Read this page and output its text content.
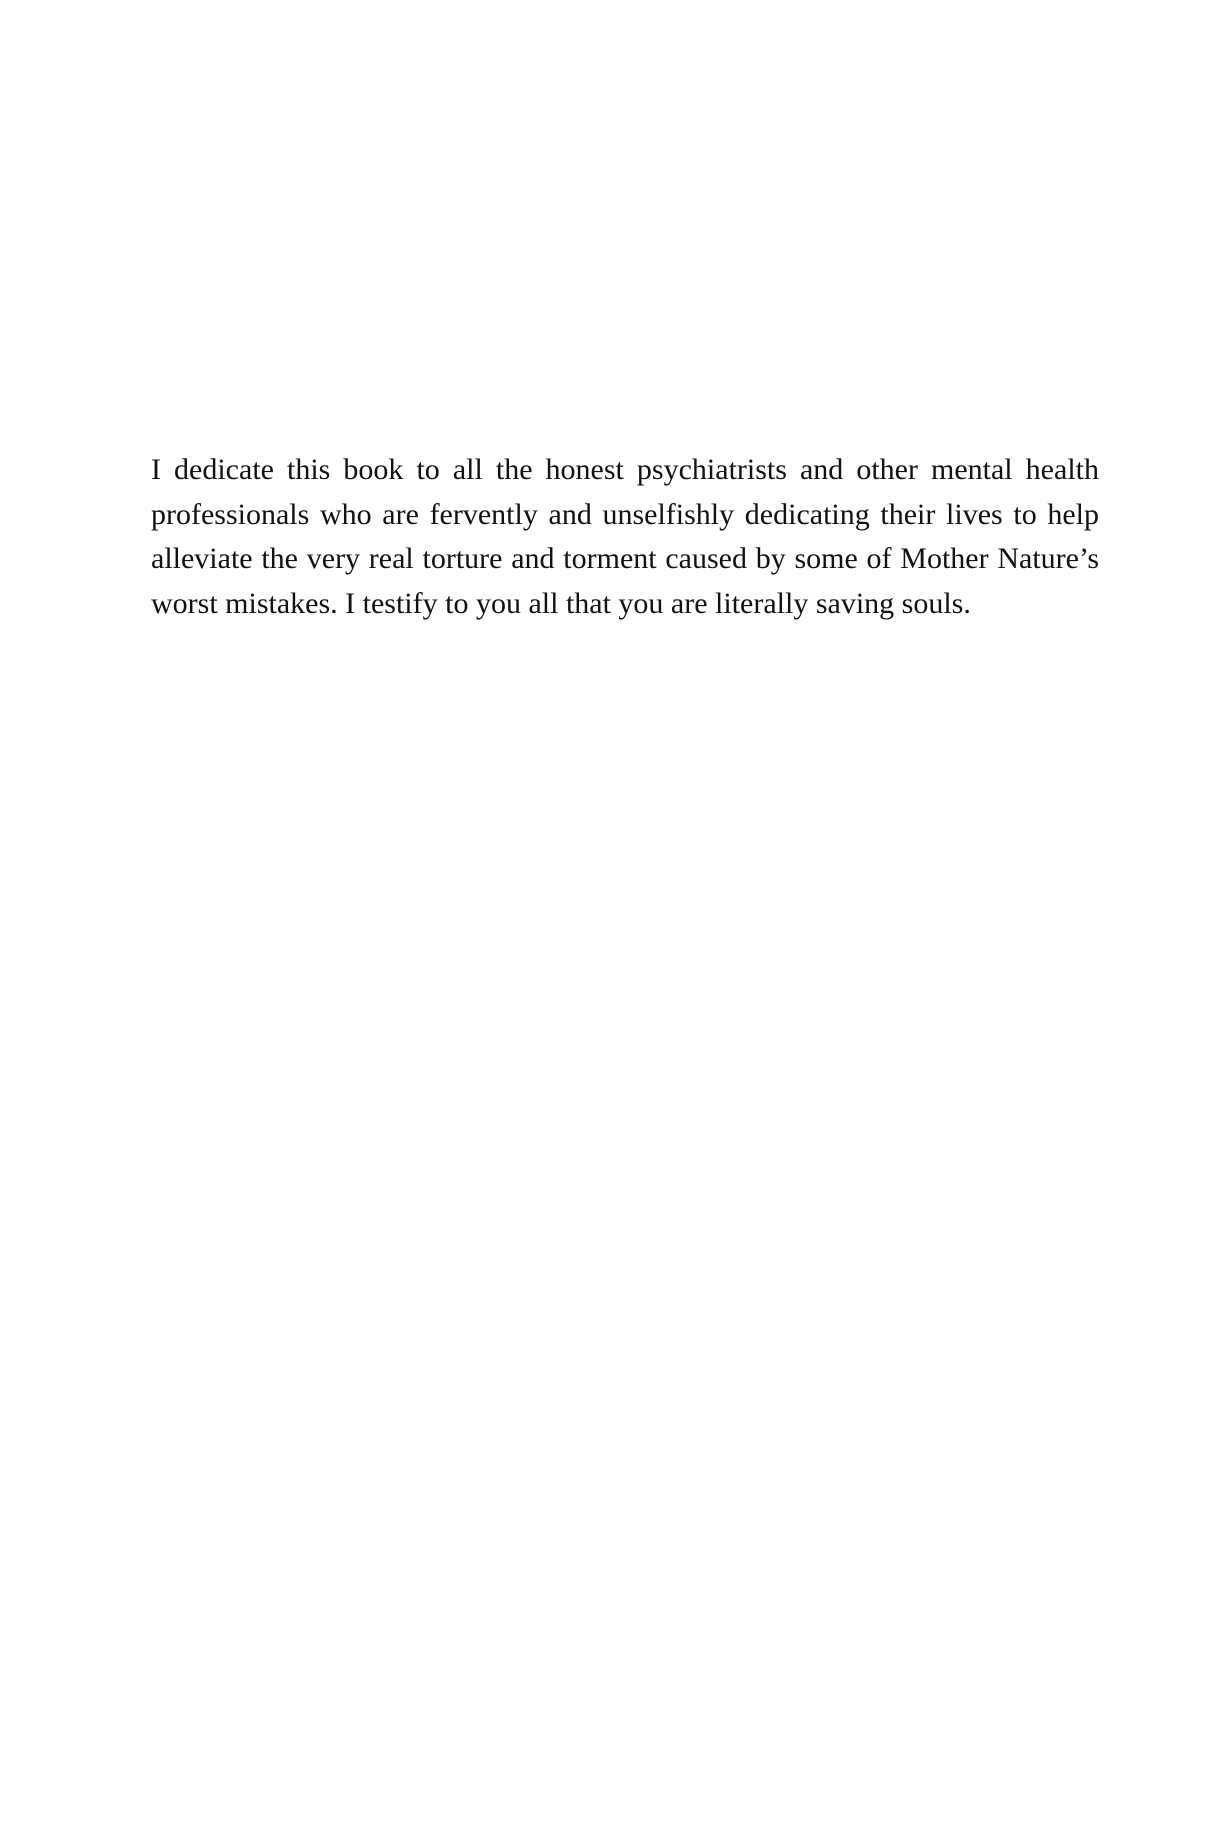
I dedicate this book to all the honest psychiatrists and other mental health professionals who are fervently and unselfishly dedicating their lives to help alleviate the very real torture and torment caused by some of Mother Nature’s worst mistakes. I testify to you all that you are literally saving souls.
